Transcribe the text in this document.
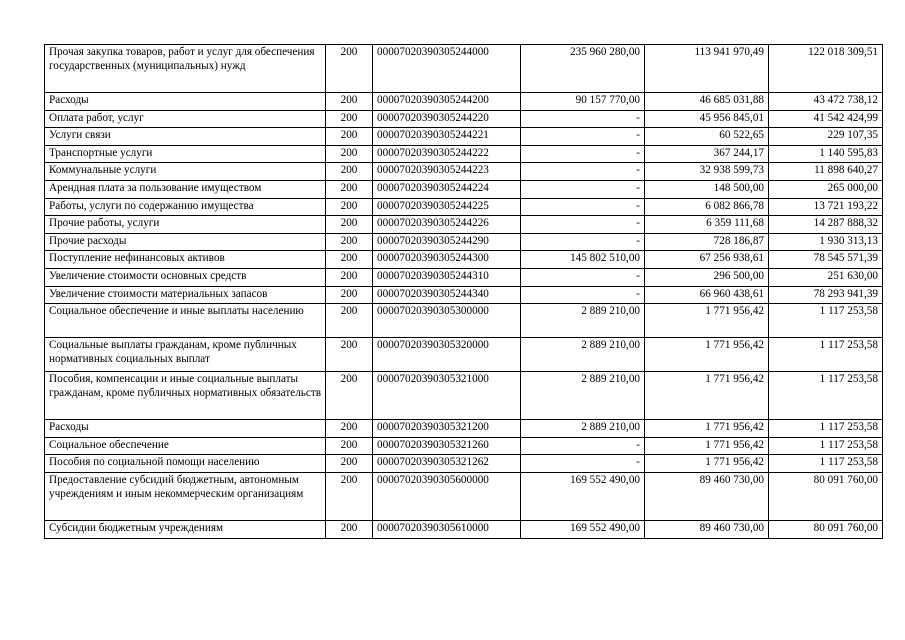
Прочая закупка товаров, работ и услуг для обеспечения государственных (муниципальных) нужд	200	00007020390305244000	235 960 280,00	113 941 970,49	122 018 309,51
Расходы	200	00007020390305244200	90 157 770,00	46 685 031,88	43 472 738,12
Оплата работ, услуг	200	00007020390305244220	-	45 956 845,01	41 542 424,99
Услуги связи	200	00007020390305244221	-	60 522,65	229 107,35
Транспортные услуги	200	00007020390305244222	-	367 244,17	1 140 595,83
Коммунальные услуги	200	00007020390305244223	-	32 938 599,73	11 898 640,27
Арендная плата за пользование имуществом	200	00007020390305244224	-	148 500,00	265 000,00
Работы, услуги по содержанию имущества	200	00007020390305244225	-	6 082 866,78	13 721 193,22
Прочие работы, услуги	200	00007020390305244226	-	6 359 111,68	14 287 888,32
Прочие расходы	200	00007020390305244290	-	728 186,87	1 930 313,13
Поступление нефинансовых активов	200	00007020390305244300	145 802 510,00	67 256 938,61	78 545 571,39
Увеличение стоимости основных средств	200	00007020390305244310	-	296 500,00	251 630,00
Увеличение стоимости материальных запасов	200	00007020390305244340	-	66 960 438,61	78 293 941,39
Социальное обеспечение и иные выплаты населению	200	00007020390305300000	2 889 210,00	1 771 956,42	1 117 253,58
Социальные выплаты гражданам, кроме публичных нормативных социальных выплат	200	00007020390305320000	2 889 210,00	1 771 956,42	1 117 253,58
Пособия, компенсации и иные социальные выплаты гражданам, кроме публичных нормативных обязательств	200	00007020390305321000	2 889 210,00	1 771 956,42	1 117 253,58
Расходы	200	00007020390305321200	2 889 210,00	1 771 956,42	1 117 253,58
Социальное обеспечение	200	00007020390305321260	-	1 771 956,42	1 117 253,58
Пособия по социальной помощи населению	200	00007020390305321262	-	1 771 956,42	1 117 253,58
Предоставление субсидий бюджетным, автономным учреждениям и иным некоммерческим организациям	200	00007020390305600000	169 552 490,00	89 460 730,00	80 091 760,00
Субсидии бюджетным учреждениям	200	00007020390305610000	169 552 490,00	89 460 730,00	80 091 760,00
